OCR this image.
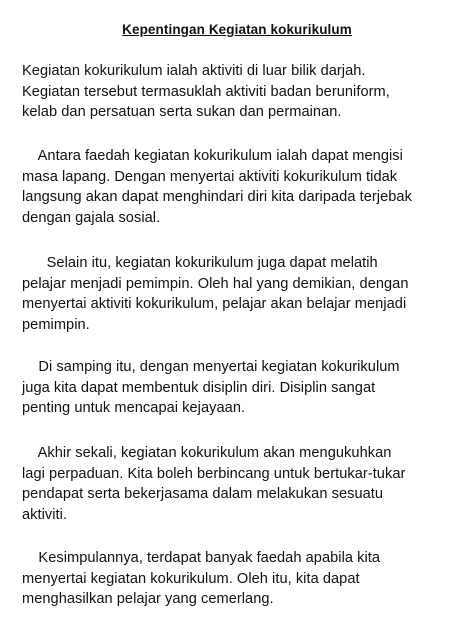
Kepentingan Kegiatan kokurikulum

Kegiatan kokurikulum ialah aktiviti di luar bilik darjah.
Kegiatan tersebut termasuklah aktiviti badan beruniform,
kelab dan persatuan serta sukan dan permainan.

Antara faedah kegiatan kokurikulum ialah dapat mengisi
masa lapang. Dengan menyertai aktiviti kokurikulum tidak
langsung akan dapat menghindari diri kita daripada terjebak
dengan gajala sosial.

Selain itu, kegiatan kokurikulum juga dapat melatih
pelajar menjadi pemimpin. Oleh hal yang demikian, dengan
menyertai aktiviti kokurikulum, pelajar akan belajar menjadi
pemimpin.

Di samping itu, dengan menyertai kegiatan kokurikulum
juga kita dapat membentuk disiplin diri. Disiplin sangat
penting untuk mencapai kejayaan.

Akhir sekali, kegiatan kokurikulum akan mengukuhkan
lagi perpaduan. Kita boleh berbincang untuk bertukar-tukar
pendapat serta bekerjasama dalam melakukan sesuatu
aktiviti.

Kesimpulannya, terdapat banyak faedah apabila kita
menyertai kegiatan kokurikulum. Oleh itu, kita dapat
menghasilkan pelajar yang cemerlang.
